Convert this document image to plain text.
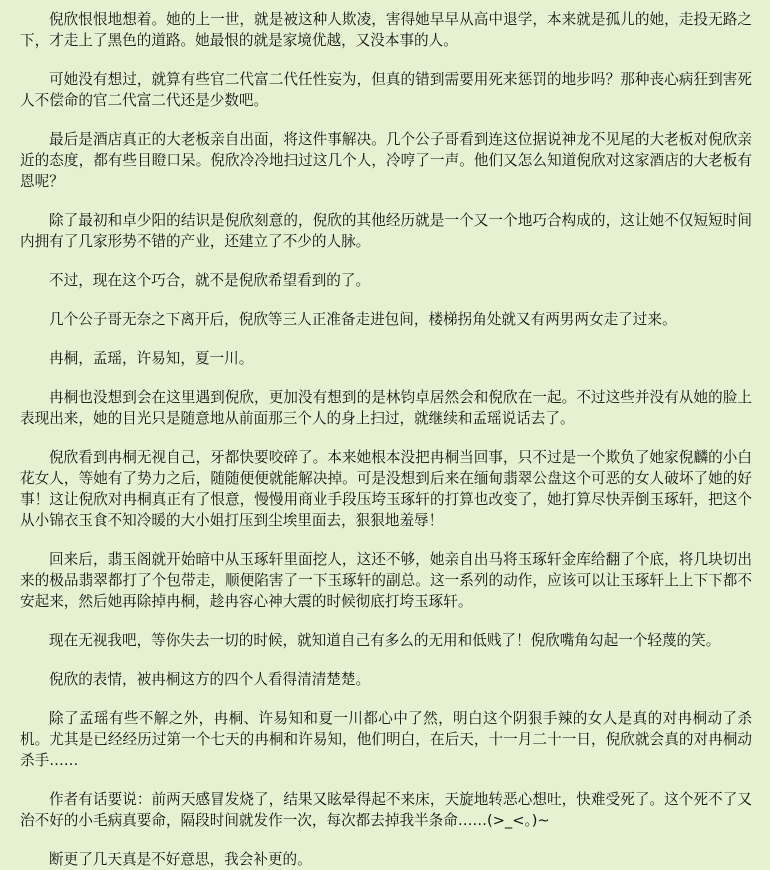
倪欣恨恨地想着。她的上一世，就是被这种人欺凌，害得她早早从高中退学，本来就是孤儿的她，走投无路之下，才走上了黑色的道路。她最恨的就是家境优越，又没本事的人。

可她没有想过，就算有些官二代富二代任性妄为，但真的错到需要用死来惩罚的地步吗？那种丧心病狂到害死人不偿命的官二代富二代还是少数吧。

最后是酒店真正的大老板亲自出面，将这件事解决。几个公子哥看到连这位据说神龙不见尾的大老板对倪欣亲近的态度，都有些目瞪口呆。倪欣冷冷地扫过这几个人，冷哼了一声。他们又怎么知道倪欣对这家酒店的大老板有恩呢？

除了最初和卓少阳的结识是倪欣刻意的，倪欣的其他经历就是一个又一个地巧合构成的，这让她不仅短短时间内拥有了几家形势不错的产业，还建立了不少的人脉。

不过，现在这个巧合，就不是倪欣希望看到的了。

几个公子哥无奈之下离开后，倪欣等三人正准备走进包间，楼梯拐角处就又有两男两女走了过来。

冉桐，孟瑶，许易知，夏一川。

冉桐也没想到会在这里遇到倪欣，更加没有想到的是林钧卓居然会和倪欣在一起。不过这些并没有从她的脸上表现出来，她的目光只是随意地从前面那三个人的身上扫过，就继续和孟瑶说话去了。

倪欣看到冉桐无视自己，牙都快要咬碎了。本来她根本没把冉桐当回事，只不过是一个欺负了她家倪麟的小白花女人，等她有了势力之后，随随便便就能解决掉。可是没想到后来在缅甸翡翠公盘这个可恶的女人破坏了她的好事！这让倪欣对冉桐真正有了恨意，慢慢用商业手段压垮玉琢轩的打算也改变了，她打算尽快弄倒玉琢轩，把这个从小锦衣玉食不知冷暖的大小姐打压到尘埃里面去，狠狠地羞辱！

回来后，翡玉阁就开始暗中从玉琢轩里面挖人，这还不够，她亲自出马将玉琢轩金库给翻了个底，将几块切出来的极品翡翠都打了个包带走，顺便陷害了一下玉琢轩的副总。这一系列的动作，应该可以让玉琢轩上上下下都不安起来，然后她再除掉冉桐，趁冉容心神大震的时候彻底打垮玉琢轩。

现在无视我吧，等你失去一切的时候，就知道自己有多么的无用和低贱了！倪欣嘴角勾起一个轻蔑的笑。

倪欣的表情，被冉桐这方的四个人看得清清楚楚。

除了孟瑶有些不解之外，冉桐、许易知和夏一川都心中了然，明白这个阴狠手辣的女人是真的对冉桐动了杀机。尤其是已经经历过第一个七天的冉桐和许易知，他们明白，在后天，十一月二十一日，倪欣就会真的对冉桐动杀手……

作者有话要说：前两天感冒发烧了，结果又眩晕得起不来床，天旋地转恶心想吐，快难受死了。这个死不了又治不好的小毛病真要命，隔段时间就发作一次，每次都去掉我半条命……(>_<。)~

断更了几天真是不好意思，我会补更的。
